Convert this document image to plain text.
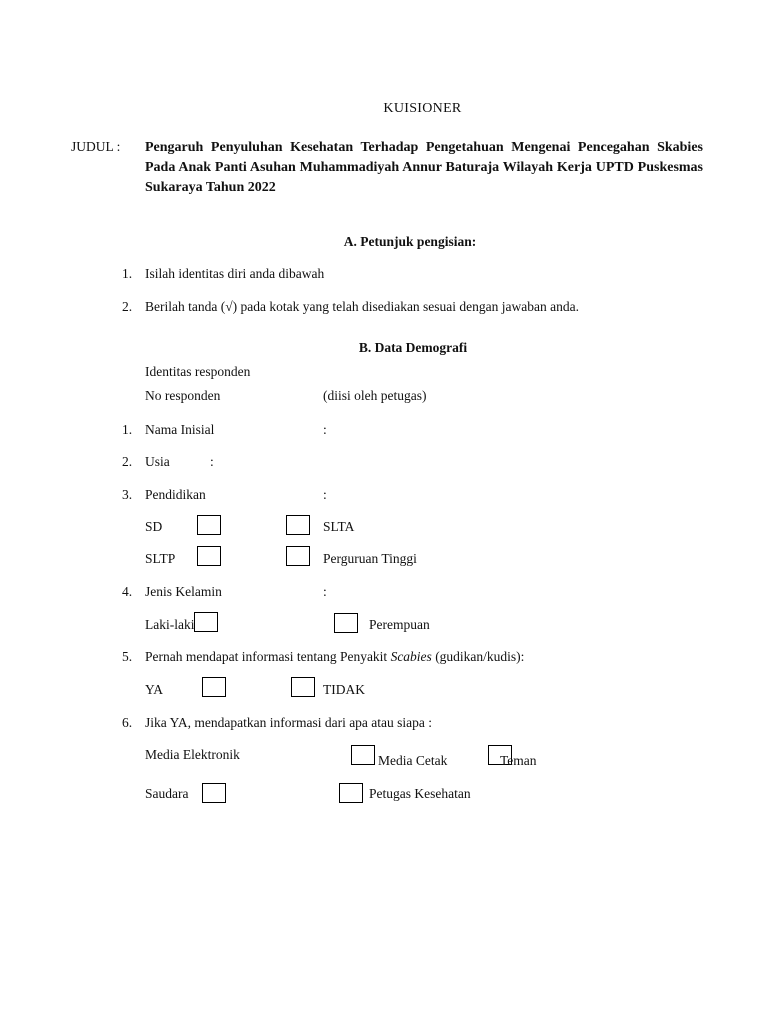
KUISIONER
JUDUL : Pengaruh Penyuluhan Kesehatan Terhadap Pengetahuan Mengenai Pencegahan Skabies Pada Anak Panti Asuhan Muhammadiyah Annur Baturaja Wilayah Kerja UPTD Puskesmas Sukaraya Tahun 2022
A. Petunjuk pengisian:
1. Isilah identitas diri anda dibawah
2. Berilah tanda (√) pada kotak yang telah disediakan sesuai dengan jawaban anda.
B. Data Demografi
Identitas responden
No responden	(diisi oleh petugas)
1. Nama Inisial	:
2. Usia	:
3. Pendidikan	:
SD	SLTA
SLTP	Perguruan Tinggi
4. Jenis Kelamin	:
Laki-laki	Perempuan
5. Pernah mendapat informasi tentang Penyakit Scabies (gudikan/kudis):
YA	TIDAK
6. Jika YA, mendapatkan informasi dari apa atau siapa :
Media Elektronik	Media Cetak	Teman
Saudara	Petugas Kesehatan
